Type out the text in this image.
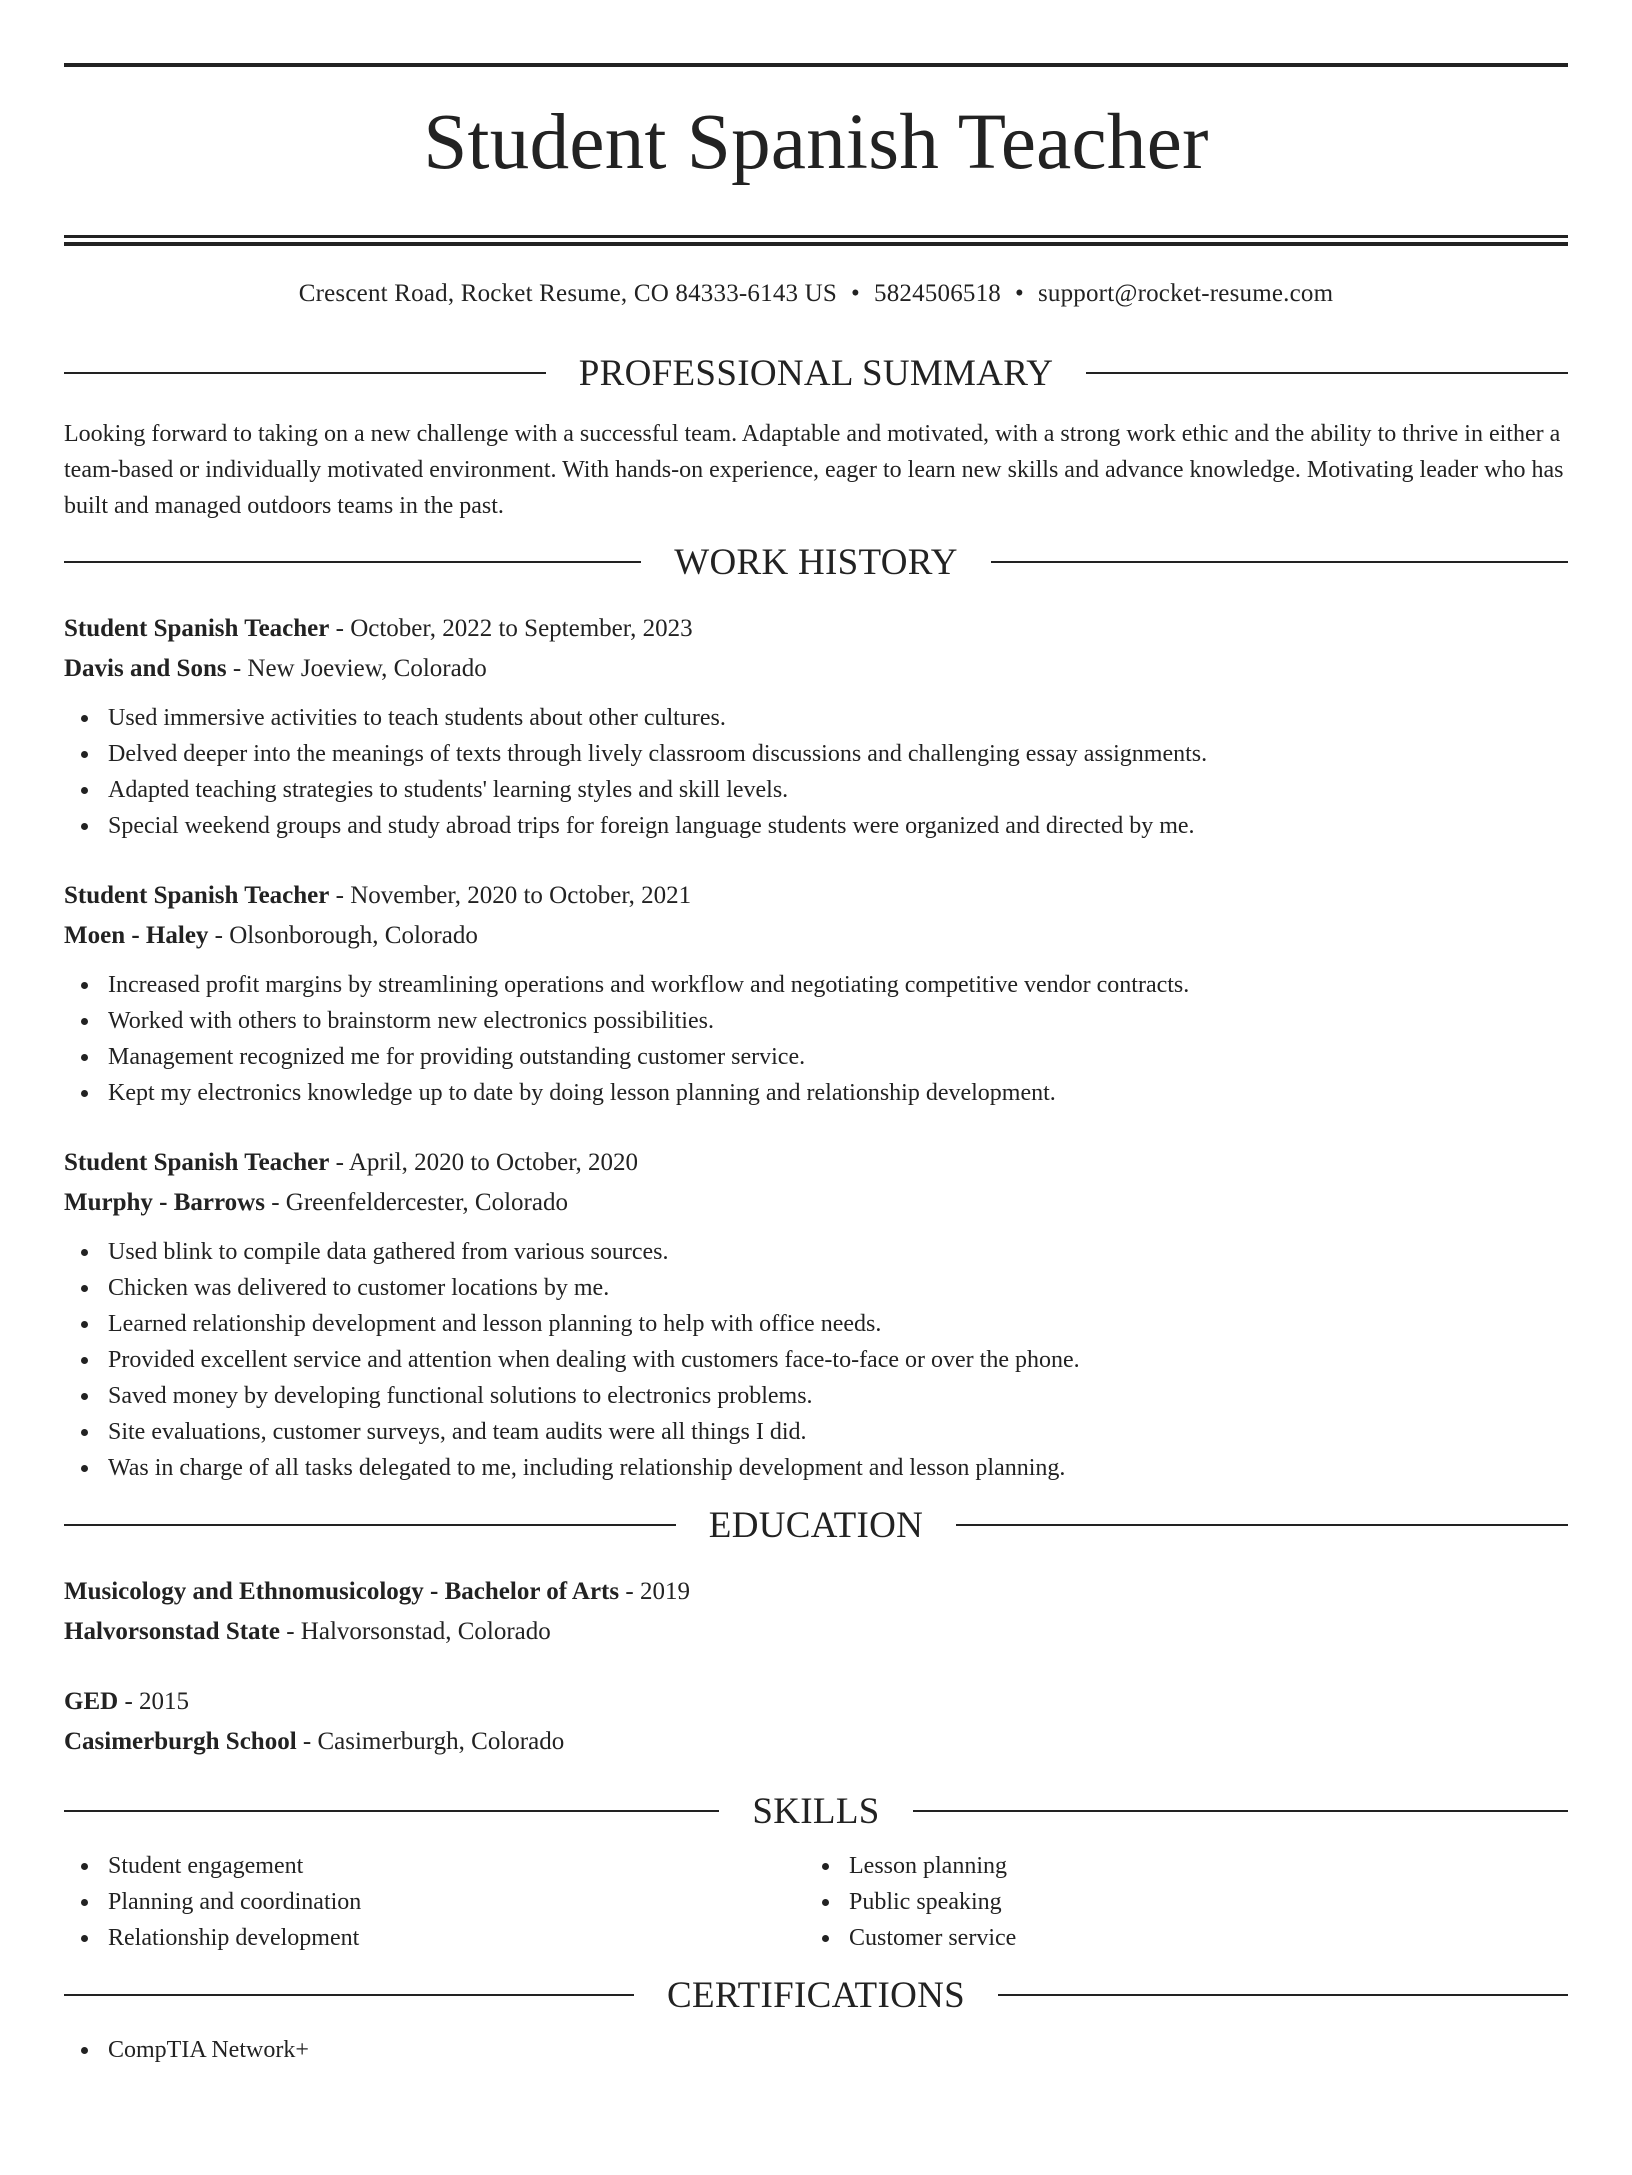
Student Spanish Teacher
Crescent Road, Rocket Resume, CO 84333-6143 US • 5824506518 • support@rocket-resume.com
PROFESSIONAL SUMMARY

Looking forward to taking on a new challenge with a successful team. Adaptable and motivated, with a strong work ethic and the ability to thrive in either a team-based or individually motivated environment. With hands-on experience, eager to learn new skills and advance knowledge. Motivating leader who has built and managed outdoors teams in the past.

WORK HISTORY
Student Spanish Teacher - October, 2022 to September, 2023
Davis and Sons - New Joeview, Colorado
Used immersive activities to teach students about other cultures.
Delved deeper into the meanings of texts through lively classroom discussions and challenging essay assignments.
Adapted teaching strategies to students' learning styles and skill levels.
Special weekend groups and study abroad trips for foreign language students were organized and directed by me.
Student Spanish Teacher - November, 2020 to October, 2021
Moen - Haley - Olsonborough, Colorado
Increased profit margins by streamlining operations and workflow and negotiating competitive vendor contracts.
Worked with others to brainstorm new electronics possibilities.
Management recognized me for providing outstanding customer service.
Kept my electronics knowledge up to date by doing lesson planning and relationship development.
Student Spanish Teacher - April, 2020 to October, 2020
Murphy - Barrows - Greenfeldercester, Colorado
Used blink to compile data gathered from various sources.
Chicken was delivered to customer locations by me.
Learned relationship development and lesson planning to help with office needs.
Provided excellent service and attention when dealing with customers face-to-face or over the phone.
Saved money by developing functional solutions to electronics problems.
Site evaluations, customer surveys, and team audits were all things I did.
Was in charge of all tasks delegated to me, including relationship development and lesson planning.
EDUCATION
Musicology and Ethnomusicology - Bachelor of Arts - 2019
Halvorsonstad State - Halvorsonstad, Colorado
GED - 2015
Casimerburgh School - Casimerburgh, Colorado
SKILLS
Student engagement
Planning and coordination
Relationship development
Lesson planning
Public speaking
Customer service
CERTIFICATIONS
CompTIA Network+
